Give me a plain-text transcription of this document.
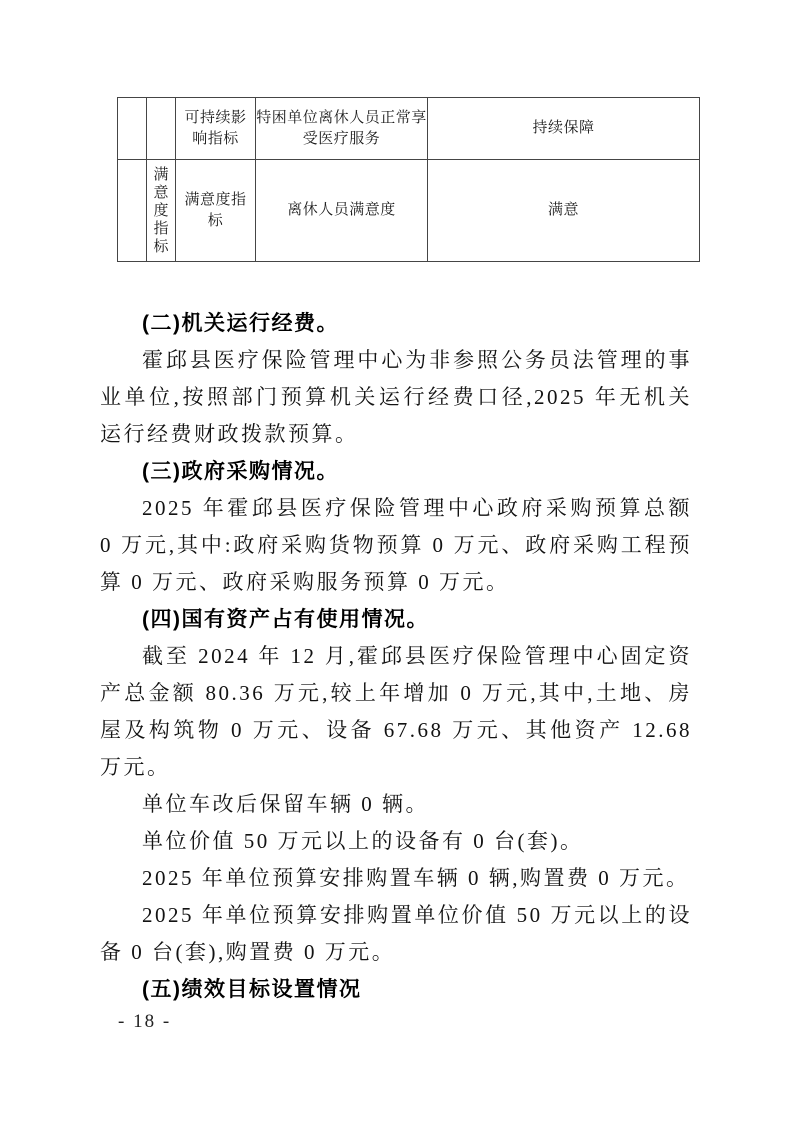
		可持续影响指标	特困单位离休人员正常享受医疗服务	持续保障

	满意度指标	满意度指标	离休人员满意度	满意

(二)机关运行经费。

霍邱县医疗保险管理中心为非参照公务员法管理的事业单位,按照部门预算机关运行经费口径,2025 年无机关运行经费财政拨款预算。

(三)政府采购情况。

2025 年霍邱县医疗保险管理中心政府采购预算总额 0 万元,其中:政府采购货物预算 0 万元、政府采购工程预算 0 万元、政府采购服务预算 0 万元。

(四)国有资产占有使用情况。

截至 2024 年 12 月,霍邱县医疗保险管理中心固定资产总金额 80.36 万元,较上年增加 0 万元,其中,土地、房屋及构筑物 0 万元、设备 67.68 万元、其他资产 12.68 万元。

单位车改后保留车辆 0 辆。

单位价值 50 万元以上的设备有 0 台(套)。

2025 年单位预算安排购置车辆 0 辆,购置费 0 万元。

2025 年单位预算安排购置单位价值 50 万元以上的设备 0 台(套),购置费 0 万元。

(五)绩效目标设置情况

- 18 -
